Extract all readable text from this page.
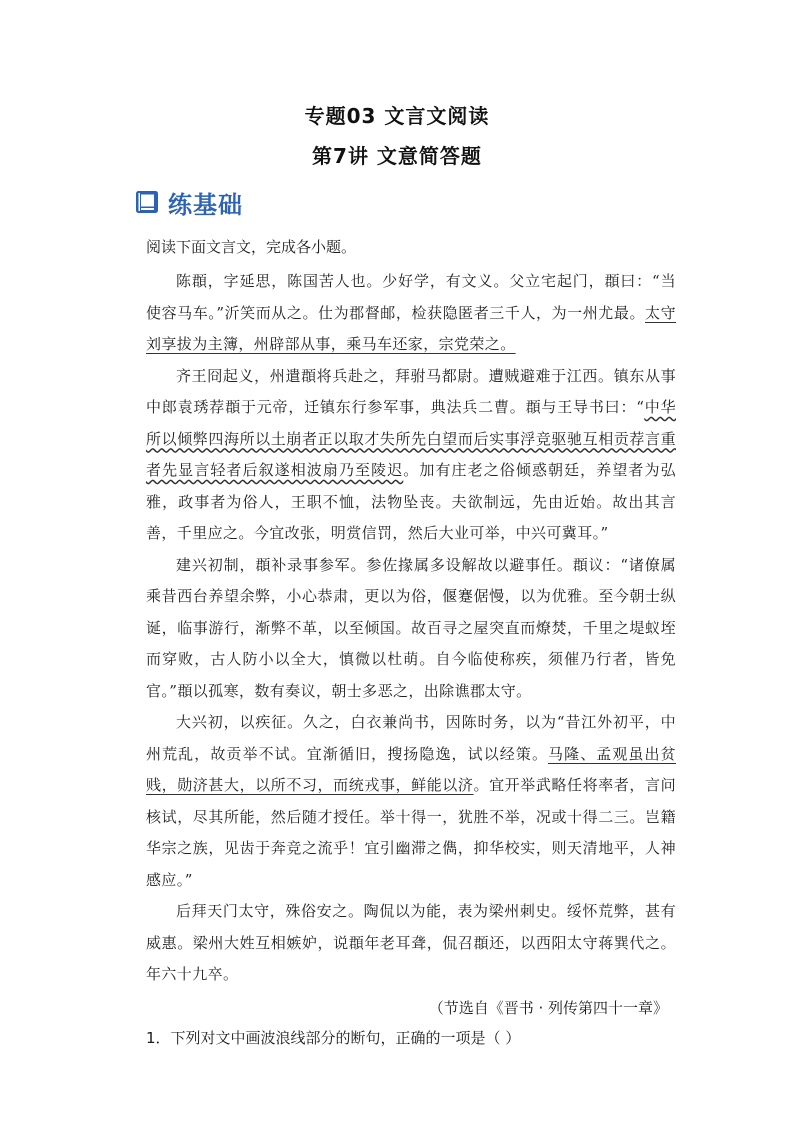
专题03 文言文阅读
第7讲 文意简答题
练基础
阅读下面文言文，完成各小题。

陈頵，字延思，陈国苦人也。少好学，有文义。父立宅起门，頵曰：“当使容马车。”沂笑而从之。仕为郡督邮，检获隐匿者三千人，为一州尤最。太守刘享拔为主簿，州辟部从事，乘马车还家，宗党荣之。

齐王冏起义，州遣頵将兵赴之，拜驸马都尉。遭贼避难于江西。镇东从事中郎袁琇荐頵于元帝，迁镇东行参军事，典法兵二曹。頵与王导书曰：“中华所以倾弊四海所以土崩者正以取才失所先白望而后实事浮竞驱驰互相贡荐言重者先显言轻者后叙遂相波扇乃至陵迟。加有庄老之俗倾惑朝廷，养望者为弘雅，政事者为俗人，王职不恤，法物坠丧。夫欲制远，先由近始。故出其言善，千里应之。今宜改张，明赏信罚，然后大业可举，中兴可冀耳。”

建兴初制，頵补录事参军。参佐掾属多设解故以避事任。頵议：“诸僚属乘昔西台养望余弊，小心恭肃，更以为俗，偃蹇倨慢，以为优雅。至今朝士纵诞，临事游行，渐弊不革，以至倾国。故百寻之屋突直而燎焚，千里之堤蚁垤而穿败，古人防小以全大，慎微以杜萌。自今临使称疾，须催乃行者，皆免官。”頵以孤寒，数有奏议，朝士多恶之，出除谯郡太守。

大兴初，以疾征。久之，白衣兼尚书，因陈时务，以为“昔江外初平，中州荒乱，故贡举不试。宜渐循旧，搜扬隐逸，试以经策。马隆、孟观虽出贫贱，勋济甚大，以所不习，而统戎事，鲜能以济。宜开举武略任将率者，言问核试，尽其所能，然后随才授任。举十得一，犹胜不举，况或十得二三。岂籍华宗之族，见齿于奔竞之流乎！宜引幽滞之儁，抑华校实，则天清地平，人神感应。”

后拜天门太守，殊俗安之。陶侃以为能，表为梁州刺史。绥怀荒弊，甚有威惠。梁州大姓互相嫉妒，说頵年老耳聋，侃召頵还，以西阳太守蒋巽代之。年六十九卒。

（节选自《晋书 · 列传第四十一章》
1．下列对文中画波浪线部分的断句，正确的一项是（ ）
